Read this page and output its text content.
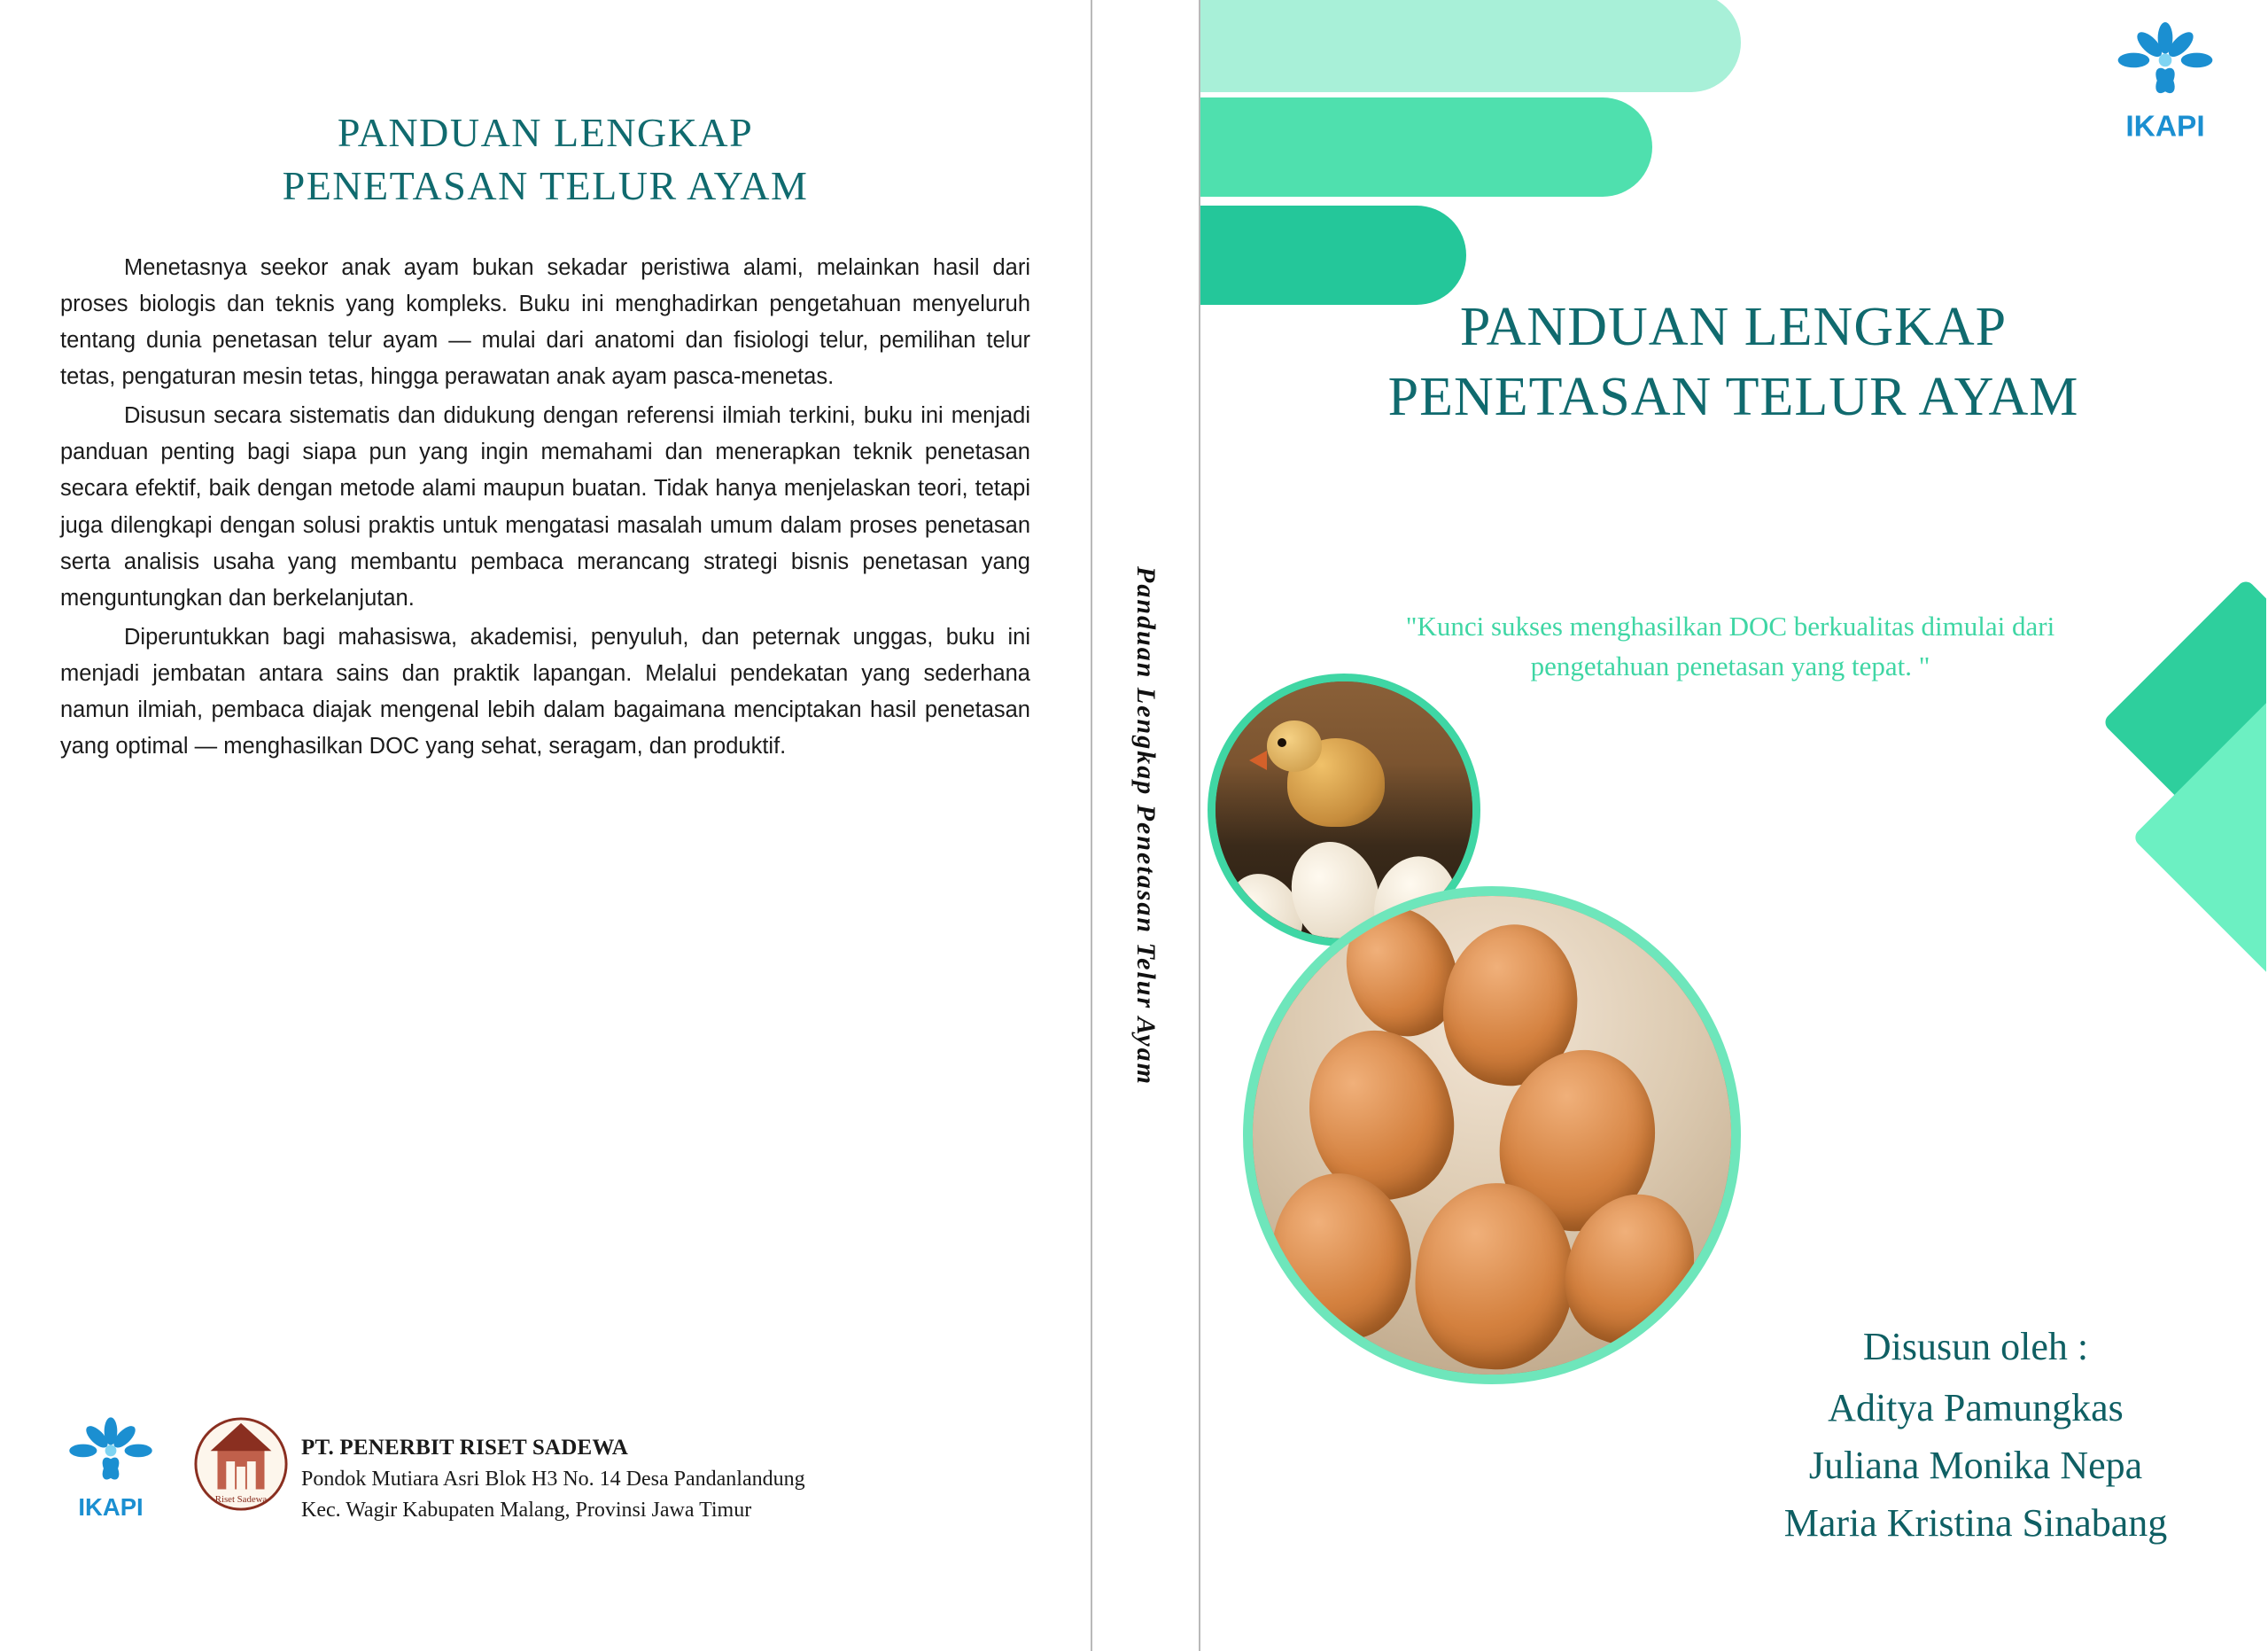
PANDUAN LENGKAP
PENETASAN TELUR AYAM

Menetasnya seekor anak ayam bukan sekadar peristiwa alami, melainkan hasil dari proses biologis dan teknis yang kompleks. Buku ini menghadirkan pengetahuan menyeluruh tentang dunia penetasan telur ayam — mulai dari anatomi dan fisiologi telur, pemilihan telur tetas, pengaturan mesin tetas, hingga perawatan anak ayam pasca-menetas.

Disusun secara sistematis dan didukung dengan referensi ilmiah terkini, buku ini menjadi panduan penting bagi siapa pun yang ingin memahami dan menerapkan teknik penetasan secara efektif, baik dengan metode alami maupun buatan. Tidak hanya menjelaskan teori, tetapi juga dilengkapi dengan solusi praktis untuk mengatasi masalah umum dalam proses penetasan serta analisis usaha yang membantu pembaca merancang strategi bisnis penetasan yang menguntungkan dan berkelanjutan.

Diperuntukkan bagi mahasiswa, akademisi, penyuluh, dan peternak unggas, buku ini menjadi jembatan antara sains dan praktik lapangan. Melalui pendekatan yang sederhana namun ilmiah, pembaca diajak mengenal lebih dalam bagaimana menciptakan hasil penetasan yang optimal — menghasilkan DOC yang sehat, seragam, dan produktif.

IKAPI	Riset Sadewa
PT. PENERBIT RISET SADEWA
Pondok Mutiara Asri Blok H3 No. 14 Desa Pandanlandung
Kec. Wagir Kabupaten Malang, Provinsi Jawa Timur
Panduan Lengkap Penetasan Telur Ayam
IKAPI
PANDUAN LENGKAP
PENETASAN TELUR AYAM
"Kunci sukses menghasilkan DOC berkualitas dimulai dari
pengetahuan penetasan yang tepat. "
Disusun oleh :
Aditya Pamungkas
Juliana Monika Nepa
Maria Kristina Sinabang
